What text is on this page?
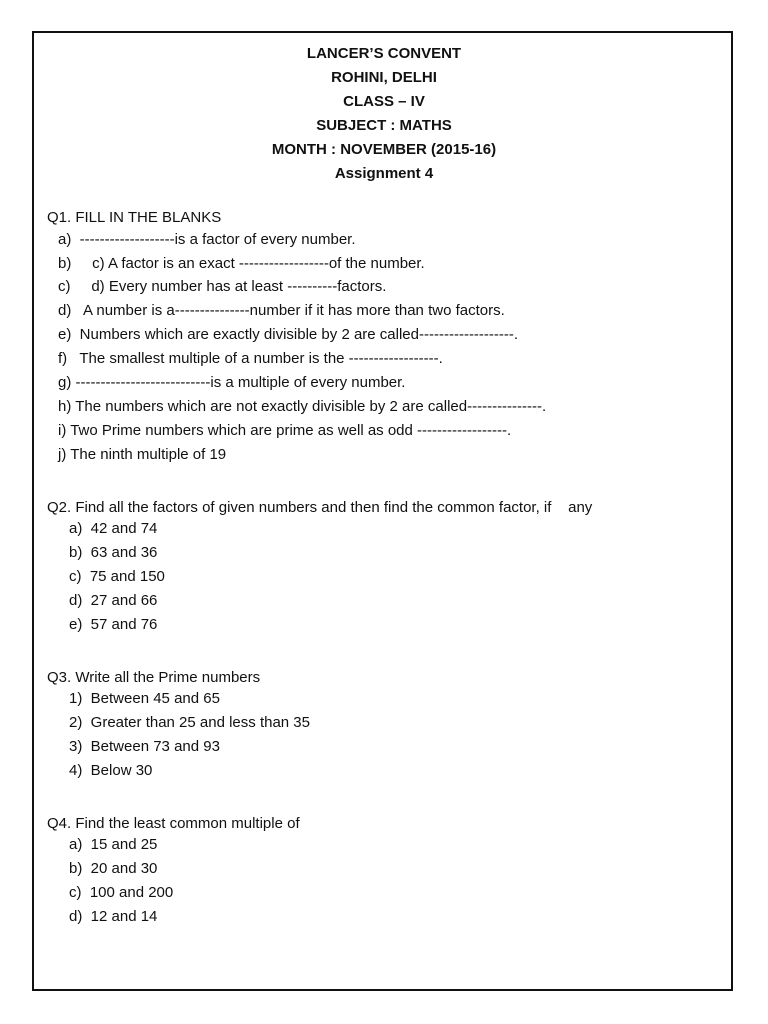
LANCER’S CONVENT
ROHINI, DELHI
CLASS – IV
SUBJECT : MATHS
MONTH : NOVEMBER (2015-16)
Assignment 4
Q1. FILL IN THE BLANKS
a)  -------------------is a factor of every number.
b)     c) A factor is an exact ------------------of the number.
c)     d) Every number has at least ----------factors.
d)   A number is a---------------number if it has more than two factors.
e)  Numbers which are exactly divisible by 2 are called-------------------.
f)   The smallest multiple of a number is the ------------------.
g) ---------------------------is a multiple of every number.
h) The numbers which are not exactly divisible by 2 are called---------------.
i) Two Prime numbers which are prime as well as odd ------------------.
j) The ninth multiple of 19
Q2. Find all the factors of given numbers and then find the common factor, if    any
a)  42 and 74
b)  63 and 36
c)  75 and 150
d)  27 and 66
e)  57 and 76
Q3. Write all the Prime numbers
1)  Between 45 and 65
2)  Greater than 25 and less than 35
3)  Between 73 and 93
4)  Below 30
Q4. Find the least common multiple of
a)  15 and 25
b)  20 and 30
c)  100 and 200
d)  12 and 14
